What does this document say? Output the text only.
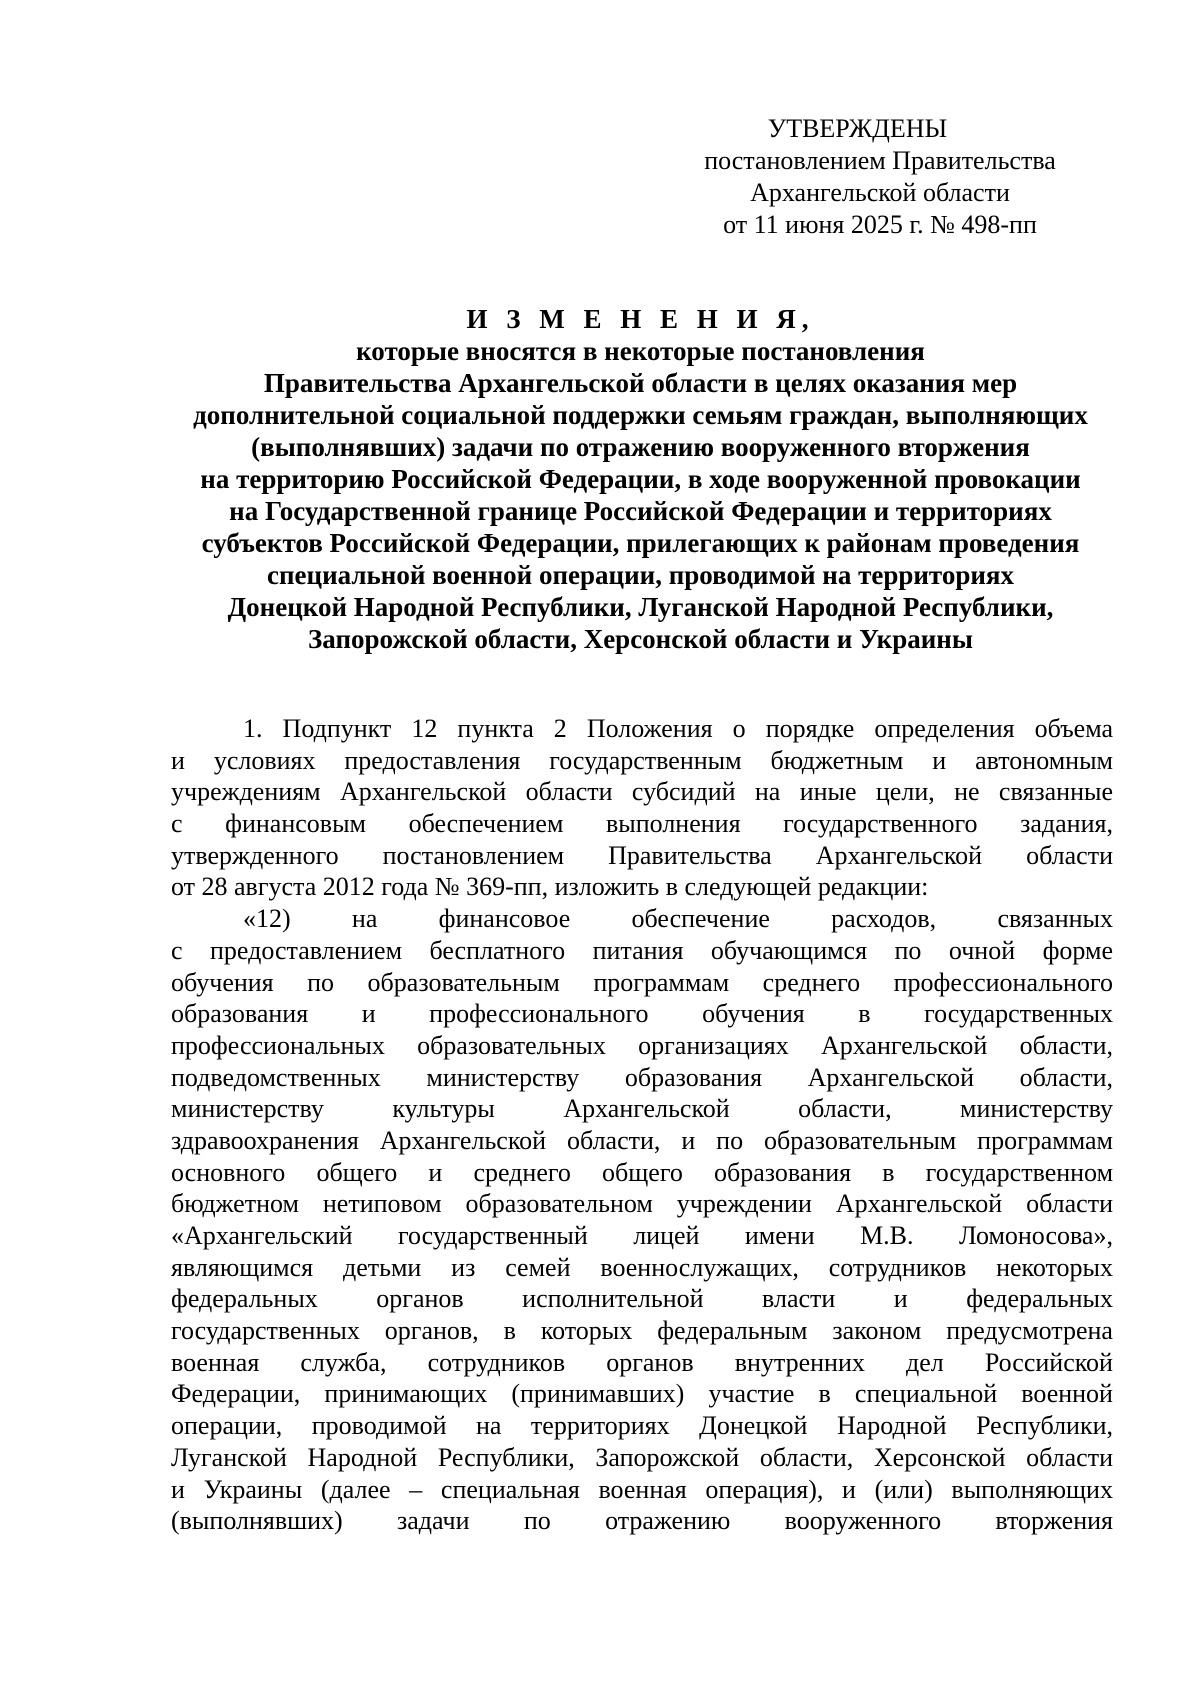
УТВЕРЖДЕНЫ
постановлением Правительства
Архангельской области
от 11 июня 2025 г. № 498-пп
И З М Е Н Е Н И Я,
которые вносятся в некоторые постановления
Правительства Архангельской области в целях оказания мер
дополнительной социальной поддержки семьям граждан, выполняющих
(выполнявших) задачи по отражению вооруженного вторжения
на территорию Российской Федерации, в ходе вооруженной провокации
на Государственной границе Российской Федерации и территориях
субъектов Российской Федерации, прилегающих к районам проведения
специальной военной операции, проводимой на территориях
Донецкой Народной Республики, Луганской Народной Республики,
Запорожской области, Херсонской области и Украины
1. Подпункт 12 пункта 2 Положения о порядке определения объема
и условиях предоставления государственным бюджетным и автономным
учреждениям Архангельской области субсидий на иные цели, не связанные
с финансовым обеспечением выполнения государственного задания,
утвержденного постановлением Правительства Архангельской области
от 28 августа 2012 года № 369-пп, изложить в следующей редакции:
«12) на финансовое обеспечение расходов, связанных
с предоставлением бесплатного питания обучающимся по очной форме
обучения по образовательным программам среднего профессионального
образования и профессионального обучения в государственных
профессиональных образовательных организациях Архангельской области,
подведомственных министерству образования Архангельской области,
министерству культуры Архангельской области, министерству
здравоохранения Архангельской области, и по образовательным программам
основного общего и среднего общего образования в государственном
бюджетном нетиповом образовательном учреждении Архангельской области
«Архангельский государственный лицей имени М.В. Ломоносова»,
являющимся детьми из семей военнослужащих, сотрудников некоторых
федеральных органов исполнительной власти и федеральных
государственных органов, в которых федеральным законом предусмотрена
военная служба, сотрудников органов внутренних дел Российской
Федерации, принимающих (принимавших) участие в специальной военной
операции, проводимой на территориях Донецкой Народной Республики,
Луганской Народной Республики, Запорожской области, Херсонской области
и Украины (далее – специальная военная операция), и (или) выполняющих
(выполнявших) задачи по отражению вооруженного вторжения
